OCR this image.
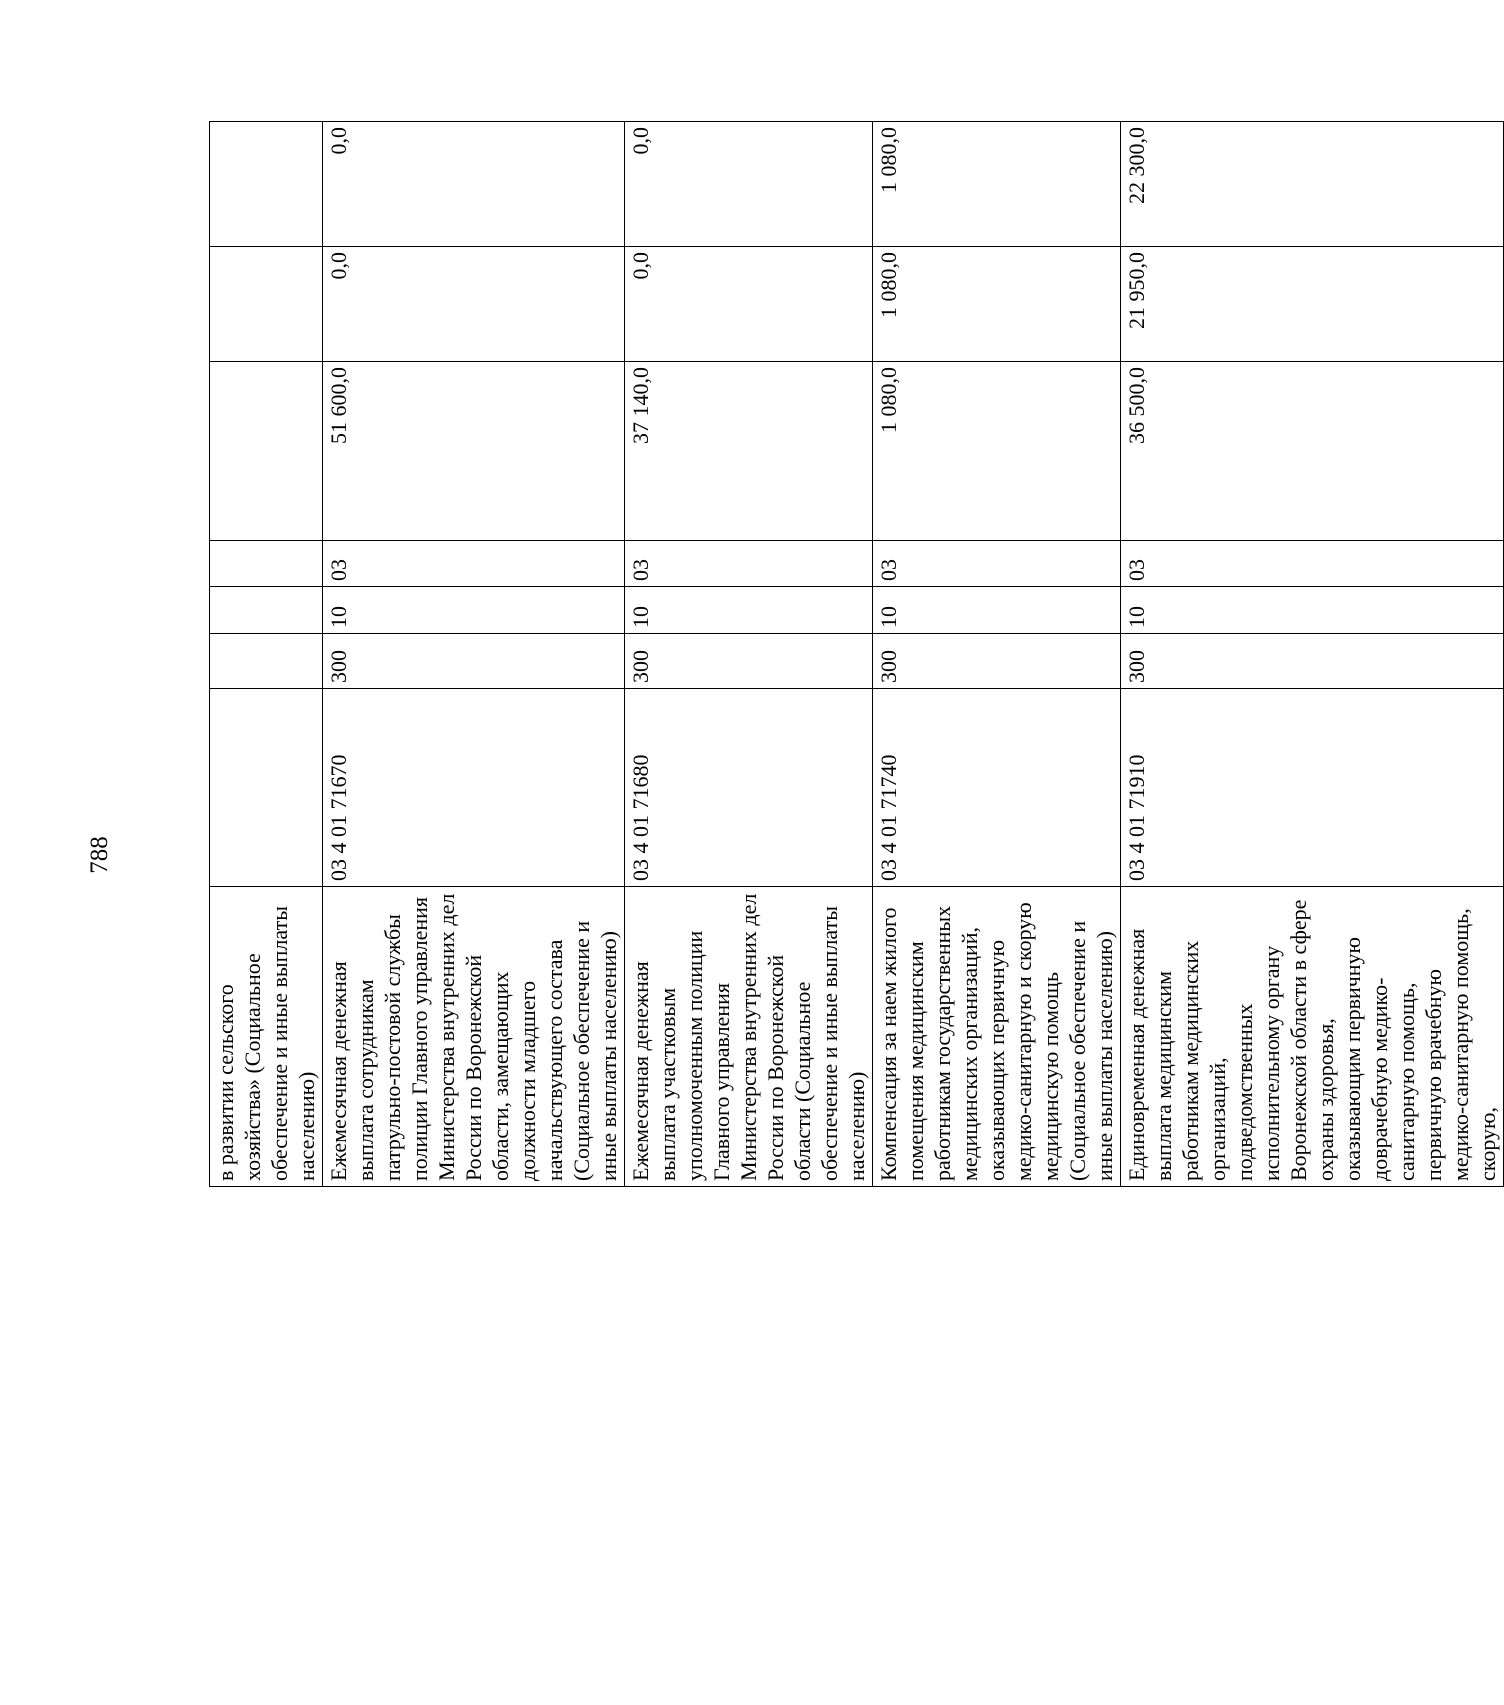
788
в развитии сельского хозяйства» (Социальное обеспечение и иные выплаты населению)							
Ежемесячная денежная выплата сотрудникам патрульно-постовой службы полиции Главного управления Министерства внутренних дел России по Воронежской области, замещающих должности младшего начальствующего состава (Социальное обеспечение и иные выплаты населению)	03 4 01 71670	300	10	03	51 600,0	0,0	0,0
Ежемесячная денежная выплата участковым уполномоченным полиции Главного управления Министерства внутренних дел России по Воронежской области (Социальное обеспечение и иные выплаты населению)	03 4 01 71680	300	10	03	37 140,0	0,0	0,0
Компенсация за наем жилого помещения медицинским работникам государственных медицинских организаций, оказывающих первичную медико-санитарную и скорую медицинскую помощь (Социальное обеспечение и иные выплаты населению)	03 4 01 71740	300	10	03	1 080,0	1 080,0	1 080,0
Единовременная денежная выплата медицинским работникам медицинских организаций, подведомственных исполнительному органу Воронежской области в сфере охраны здоровья, оказывающим первичную доврачебную медико-санитарную помощь, первичную врачебную медико-санитарную помощь, скорую,	03 4 01 71910	300	10	03	36 500,0	21 950,0	22 300,0
